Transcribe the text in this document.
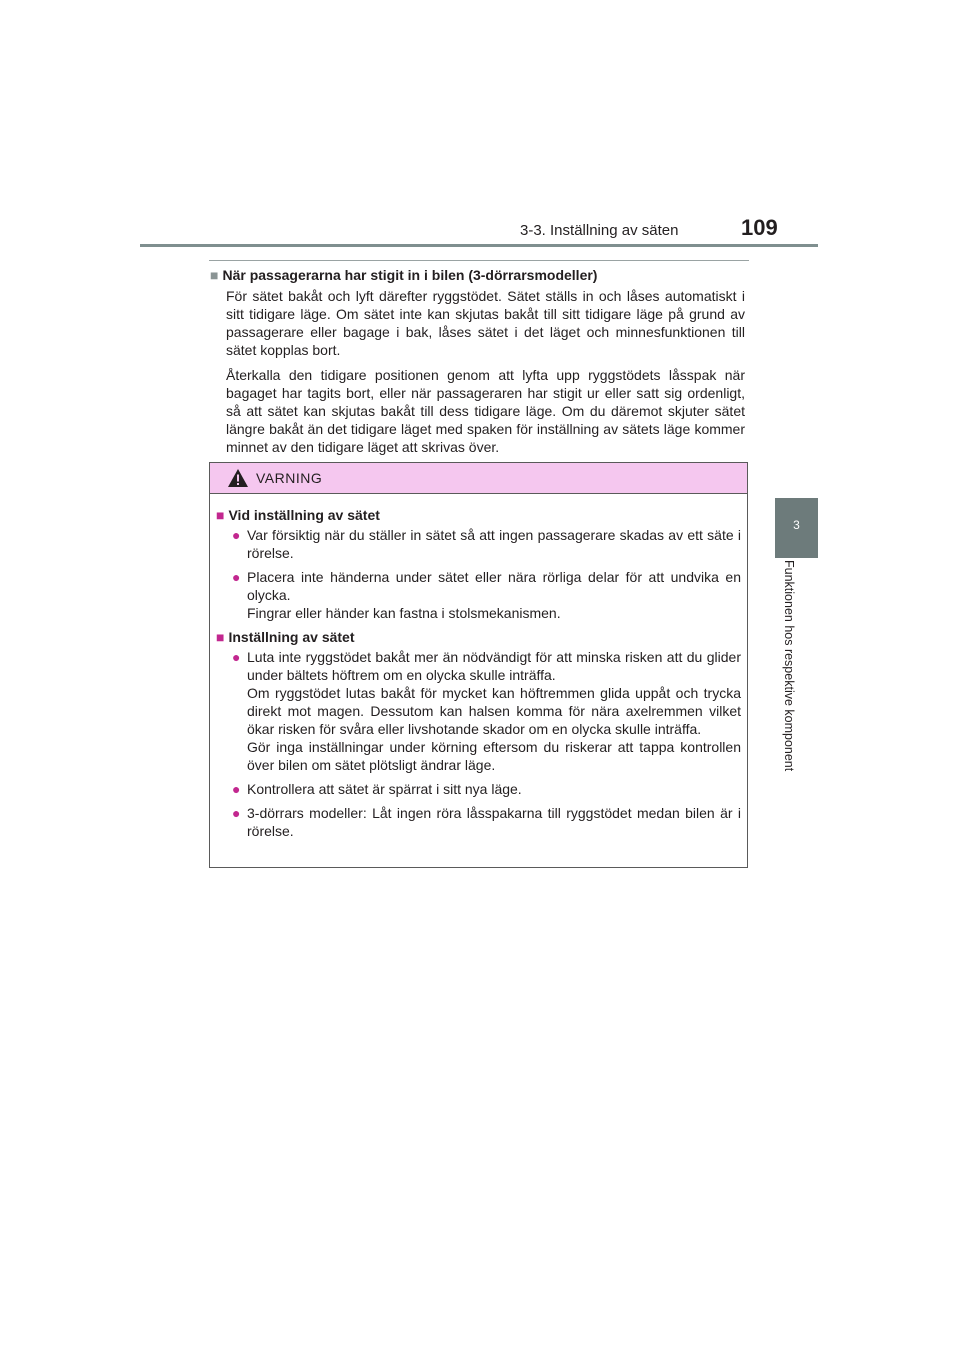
3-3. Inställning av säten	109
3
Funktionen hos respektive komponent
■ När passagerarna har stigit in i bilen (3-dörrarsmodeller)

För sätet bakåt och lyft därefter ryggstödet. Sätet ställs in och låses automatiskt i sitt tidigare läge. Om sätet inte kan skjutas bakåt till sitt tidigare läge på grund av passagerare eller bagage i bak, låses sätet i det läget och minnesfunktionen till sätet kopplas bort.

Återkalla den tidigare positionen genom att lyfta upp ryggstödets låsspak när bagaget har tagits bort, eller när passageraren har stigit ur eller satt sig ordenligt, så att sätet kan skjutas bakåt till dess tidigare läge. Om du däremot skjuter sätet längre bakåt än det tidigare läget med spaken för inställning av sätets läge kommer minnet av den tidigare läget att skrivas över.

VARNING
■ Vid inställning av sätet
● Var försiktig när du ställer in sätet så att ingen passagerare skadas av ett säte i rörelse.

● Placera inte händerna under sätet eller nära rörliga delar för att undvika en olycka.

Fingrar eller händer kan fastna i stolsmekanismen.

■ Inställning av sätet
● Luta inte ryggstödet bakåt mer än nödvändigt för att minska risken att du glider under bältets höftrem om en olycka skulle inträffa.

Om ryggstödet lutas bakåt för mycket kan höftremmen glida uppåt och trycka direkt mot magen. Dessutom kan halsen komma för nära axelremmen vilket ökar risken för svåra eller livshotande skador om en olycka skulle inträffa.

Gör inga inställningar under körning eftersom du riskerar att tappa kontrollen över bilen om sätet plötsligt ändrar läge.

● Kontrollera att sätet är spärrat i sitt nya läge.

● 3-dörrars modeller: Låt ingen röra låsspakarna till ryggstödet medan bilen är i rörelse.
